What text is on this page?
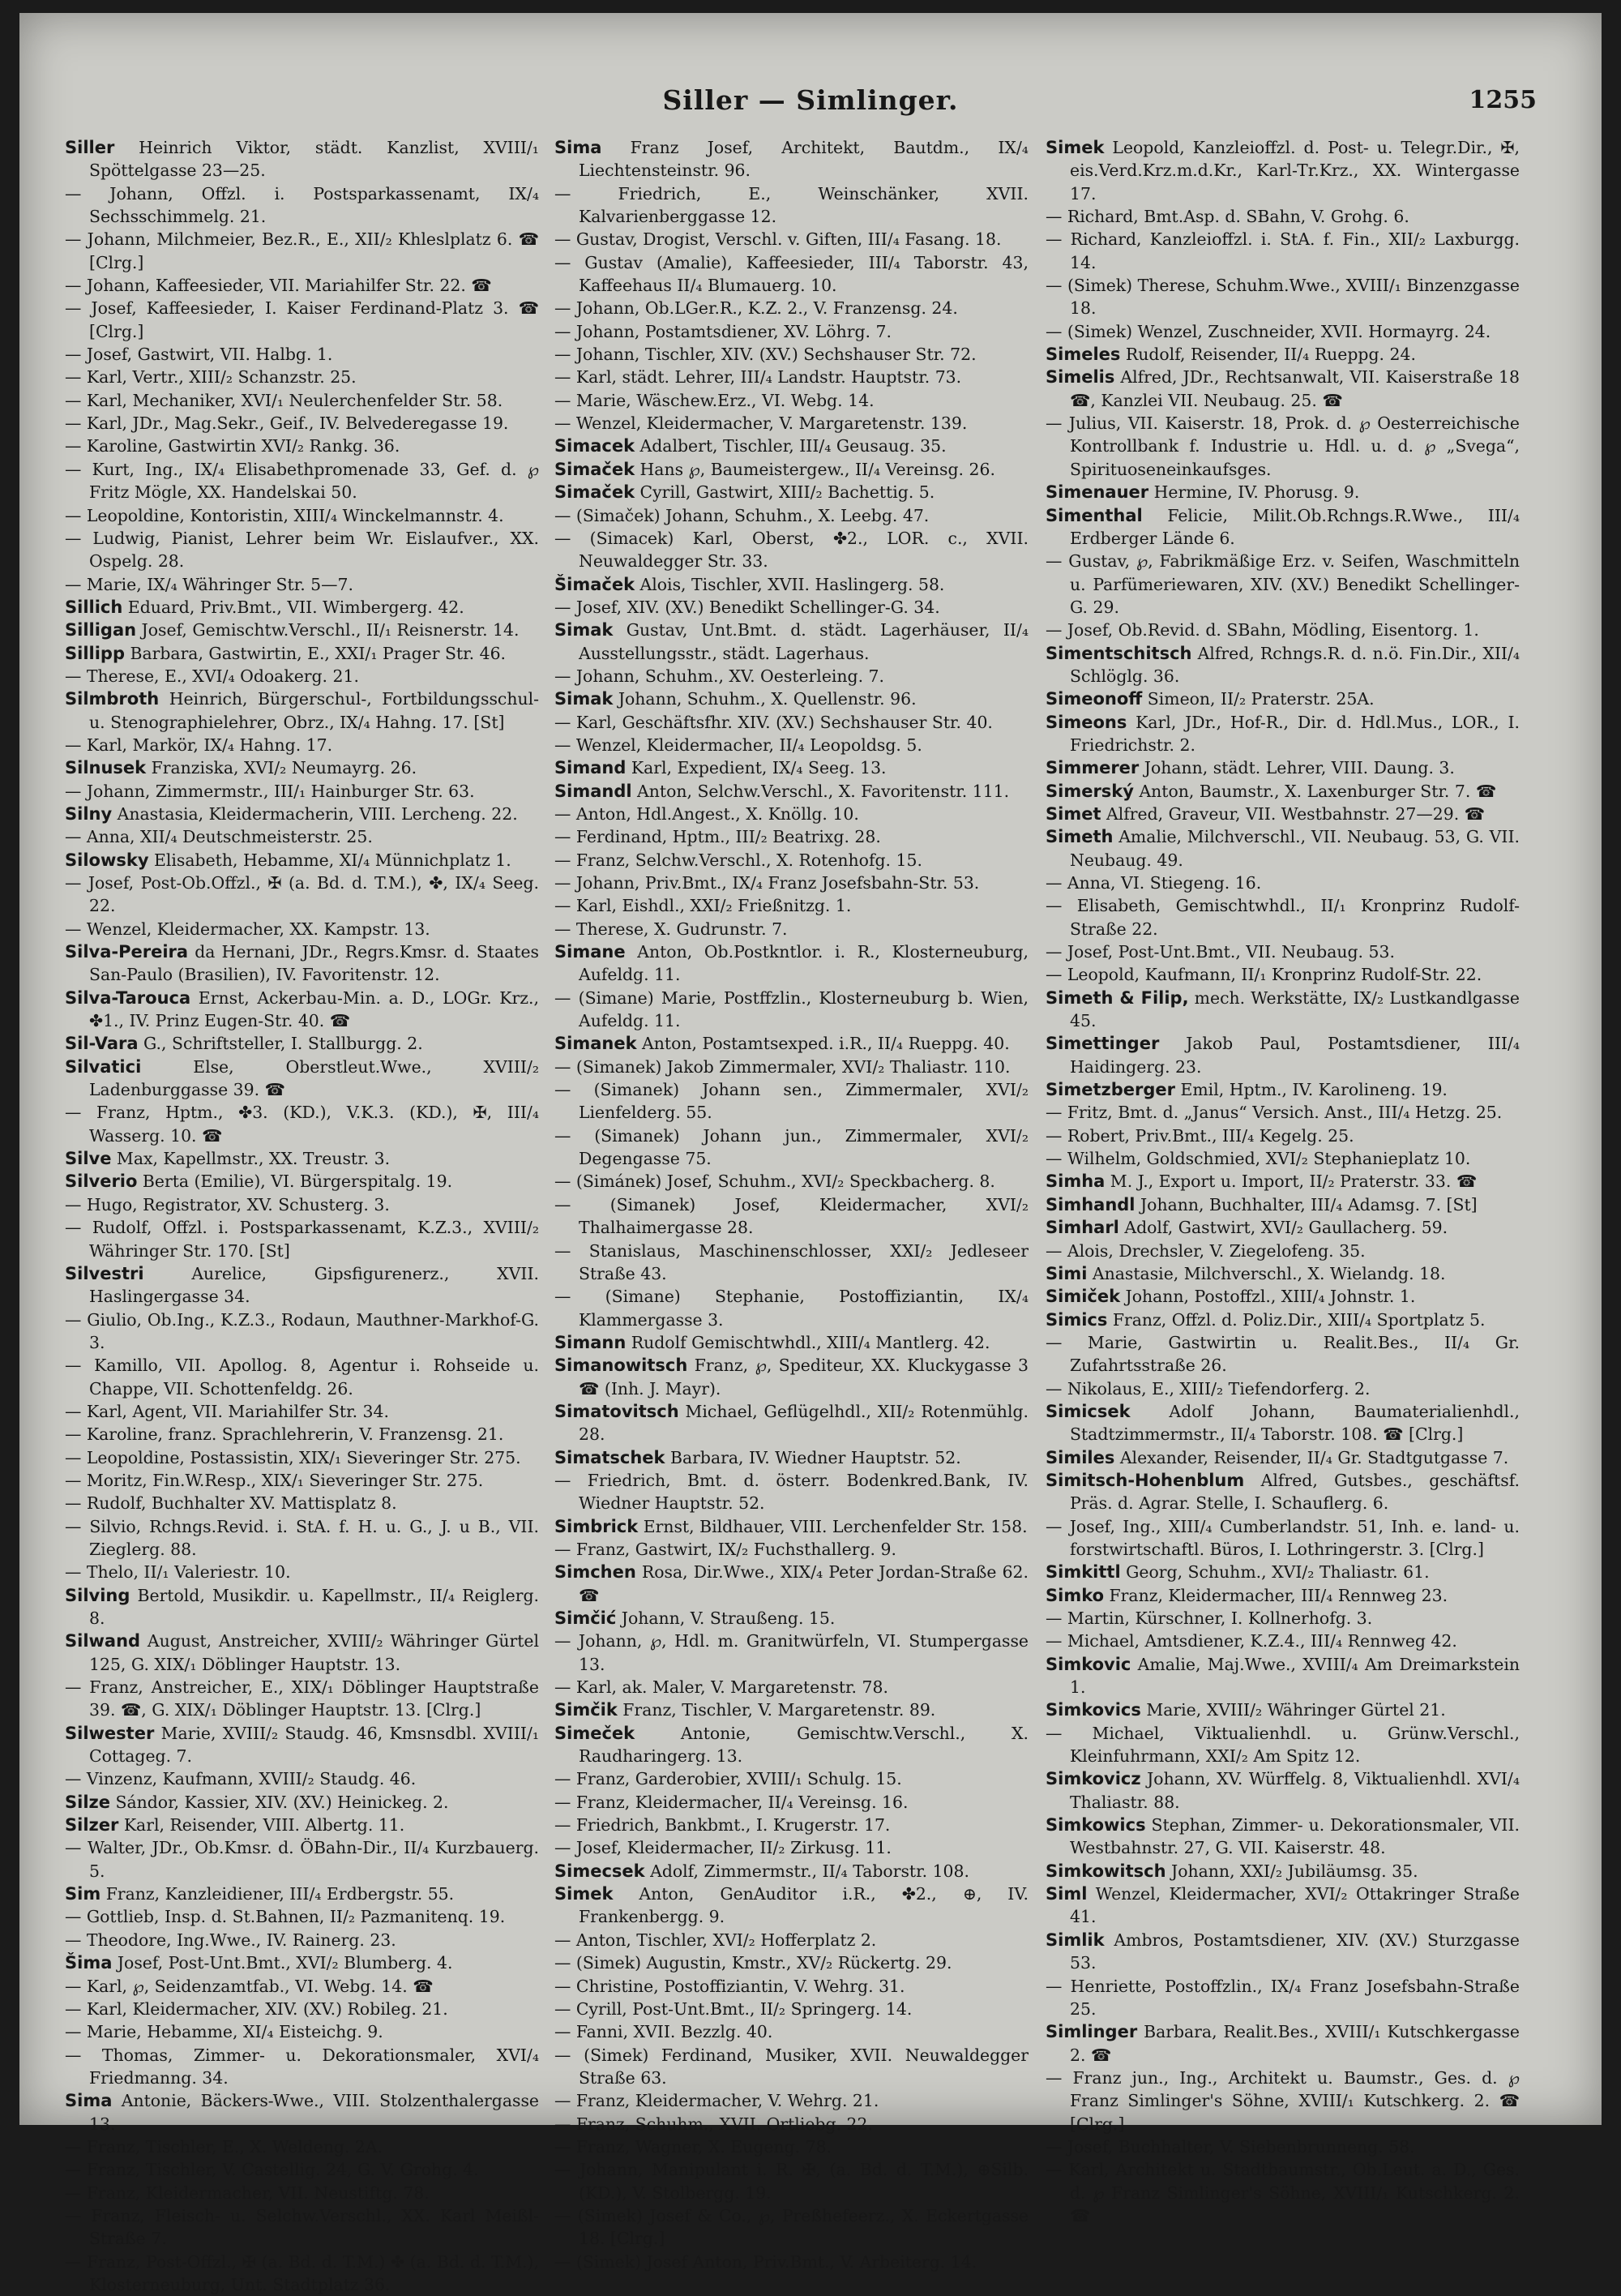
Siller — Simlinger.	1255
Siller Heinrich Viktor, städt. Kanzlist, XVIII/₁ Spöttelgasse 23—25.
— Johann, Offzl. i. Postsparkassenamt, IX/₄ Sechsschimmelg. 21.
— Johann, Milchmeier, Bez.R., E., XII/₂ Khleslplatz 6. ☎ [Clrg.]
— Johann, Kaffeesieder, VII. Mariahilfer Str. 22. ☎
— Josef, Kaffeesieder, I. Kaiser Ferdinand-Platz 3. ☎ [Clrg.]
— Josef, Gastwirt, VII. Halbg. 1.
— Karl, Vertr., XIII/₂ Schanzstr. 25.
— Karl, Mechaniker, XVI/₁ Neulerchenfelder Str. 58.
— Karl, JDr., Mag.Sekr., Geif., IV. Belvederegasse 19.
— Karoline, Gastwirtin XVI/₂ Rankg. 36.
— Kurt, Ing., IX/₄ Elisabethpromenade 33, Gef. d. ℘ Fritz Mögle, XX. Handelskai 50.
— Leopoldine, Kontoristin, XIII/₄ Winckelmannstr. 4.
— Ludwig, Pianist, Lehrer beim Wr. Eislaufver., XX. Ospelg. 28.
— Marie, IX/₄ Währinger Str. 5—7.
Sillich Eduard, Priv.Bmt., VII. Wimbergerg. 42.
Silligan Josef, Gemischtw.Verschl., II/₁ Reisnerstr. 14.
Sillipp Barbara, Gastwirtin, E., XXI/₁ Prager Str. 46.
— Therese, E., XVI/₄ Odoakerg. 21.
Silmbroth Heinrich, Bürgerschul-, Fortbildungsschul- u. Stenographielehrer, Obrz., IX/₄ Hahng. 17. [St]
— Karl, Markör, IX/₄ Hahng. 17.
Silnusek Franziska, XVI/₂ Neumayrg. 26.
— Johann, Zimmermstr., III/₁ Hainburger Str. 63.
Silny Anastasia, Kleidermacherin, VIII. Lercheng. 22.
— Anna, XII/₄ Deutschmeisterstr. 25.
Silowsky Elisabeth, Hebamme, XI/₄ Münnichplatz 1.
— Josef, Post-Ob.Offzl., ✠ (a. Bd. d. T.M.), ✤, IX/₄ Seeg. 22.
— Wenzel, Kleidermacher, XX. Kampstr. 13.
Silva-Pereira da Hernani, JDr., Regrs.Kmsr. d. Staates San-Paulo (Brasilien), IV. Favoritenstr. 12.
Silva-Tarouca Ernst, Ackerbau-Min. a. D., LOGr. Krz., ✤1., IV. Prinz Eugen-Str. 40. ☎
Sil-Vara G., Schriftsteller, I. Stallburgg. 2.
Silvatici Else, Oberstleut.Wwe., XVIII/₂ Ladenburggasse 39. ☎
— Franz, Hptm., ✤3. (KD.), V.K.3. (KD.), ✠, III/₄ Wasserg. 10. ☎
Silve Max, Kapellmstr., XX. Treustr. 3.
Silverio Berta (Emilie), VI. Bürgerspitalg. 19.
— Hugo, Registrator, XV. Schusterg. 3.
— Rudolf, Offzl. i. Postsparkassenamt, K.Z.3., XVIII/₂ Währinger Str. 170. [St]
Silvestri Aurelice, Gipsfigurenerz., XVII. Haslingergasse 34.
— Giulio, Ob.Ing., K.Z.3., Rodaun, Mauthner-Markhof-G. 3.
— Kamillo, VII. Apollog. 8, Agentur i. Rohseide u. Chappe, VII. Schottenfeldg. 26.
— Karl, Agent, VII. Mariahilfer Str. 34.
— Karoline, franz. Sprachlehrerin, V. Franzensg. 21.
— Leopoldine, Postassistin, XIX/₁ Sieveringer Str. 275.
— Moritz, Fin.W.Resp., XIX/₁ Sieveringer Str. 275.
— Rudolf, Buchhalter XV. Mattisplatz 8.
— Silvio, Rchngs.Revid. i. StA. f. H. u. G., J. u B., VII. Zieglerg. 88.
— Thelo, II/₁ Valeriestr. 10.
Silving Bertold, Musikdir. u. Kapellmstr., II/₄ Reiglerg. 8.
Silwand August, Anstreicher, XVIII/₂ Währinger Gürtel 125, G. XIX/₁ Döblinger Hauptstr. 13.
— Franz, Anstreicher, E., XIX/₁ Döblinger Hauptstraße 39. ☎, G. XIX/₁ Döblinger Hauptstr. 13. [Clrg.]
Silwester Marie, XVIII/₂ Staudg. 46, Kmsnsdbl. XVIII/₁ Cottageg. 7.
— Vinzenz, Kaufmann, XVIII/₂ Staudg. 46.
Silze Sándor, Kassier, XIV. (XV.) Heinickeg. 2.
Silzer Karl, Reisender, VIII. Albertg. 11.
— Walter, JDr., Ob.Kmsr. d. ÖBahn-Dir., II/₄ Kurzbauerg. 5.
Sim Franz, Kanzleidiener, III/₄ Erdbergstr. 55.
— Gottlieb, Insp. d. St.Bahnen, II/₂ Pazmanitenq. 19.
— Theodore, Ing.Wwe., IV. Rainerg. 23.
Šima Josef, Post-Unt.Bmt., XVI/₂ Blumberg. 4.
— Karl, ℘, Seidenzamtfab., VI. Webg. 14. ☎
— Karl, Kleidermacher, XIV. (XV.) Robileg. 21.
— Marie, Hebamme, XI/₄ Eisteichg. 9.
— Thomas, Zimmer- u. Dekorationsmaler, XVI/₄ Friedmanng. 34.
Sima Antonie, Bäckers-Wwe., VIII. Stolzenthalergasse 13.
— Franz, Tischler, E., X. Weldeng. 2A.
— Franz, Tischler, V. Castellig. 24, G. V. Grohg. 4.
— Franz, Kleidermacher, VII. Neustiftg. 78.
— Franz, Fleisch- u. Selchw.Verschl., XX. Karl Meißl-Straße 7.
— Franz, Post-Offzl., ✠ (a. Bd. d. T.M.) ✤ (a. Bd. d. T.M.), Klosterneuburg, Unt. Stadtplatz 36.
Sima Franz Josef, Architekt, Bautdm., IX/₄ Liechtensteinstr. 96.
— Friedrich, E., Weinschänker, XVII. Kalvarienberggasse 12.
— Gustav, Drogist, Verschl. v. Giften, III/₄ Fasang. 18.
— Gustav (Amalie), Kaffeesieder, III/₄ Taborstr. 43, Kaffeehaus II/₄ Blumauerg. 10.
— Johann, Ob.LGer.R., K.Z. 2., V. Franzensg. 24.
— Johann, Postamtsdiener, XV. Löhrg. 7.
— Johann, Tischler, XIV. (XV.) Sechshauser Str. 72.
— Karl, städt. Lehrer, III/₄ Landstr. Hauptstr. 73.
— Marie, Wäschew.Erz., VI. Webg. 14.
— Wenzel, Kleidermacher, V. Margaretenstr. 139.
Simacek Adalbert, Tischler, III/₄ Geusaug. 35.
Simaček Hans ℘, Baumeistergew., II/₄ Vereinsg. 26.
Simaček Cyrill, Gastwirt, XIII/₂ Bachettig. 5.
— (Simaček) Johann, Schuhm., X. Leebg. 47.
— (Simacek) Karl, Oberst, ✤2., LOR. c., XVII. Neuwaldegger Str. 33.
Šimaček Alois, Tischler, XVII. Haslingerg. 58.
— Josef, XIV. (XV.) Benedikt Schellinger-G. 34.
Simak Gustav, Unt.Bmt. d. städt. Lagerhäuser, II/₄ Ausstellungsstr., städt. Lagerhaus.
— Johann, Schuhm., XV. Oesterleing. 7.
Simak Johann, Schuhm., X. Quellenstr. 96.
— Karl, Geschäftsfhr. XIV. (XV.) Sechshauser Str. 40.
— Wenzel, Kleidermacher, II/₄ Leopoldsg. 5.
Simand Karl, Expedient, IX/₄ Seeg. 13.
Simandl Anton, Selchw.Verschl., X. Favoritenstr. 111.
— Anton, Hdl.Angest., X. Knöllg. 10.
— Ferdinand, Hptm., III/₂ Beatrixg. 28.
— Franz, Selchw.Verschl., X. Rotenhofg. 15.
— Johann, Priv.Bmt., IX/₄ Franz Josefsbahn-Str. 53.
— Karl, Eishdl., XXI/₂ Frießnitzg. 1.
— Therese, X. Gudrunstr. 7.
Simane Anton, Ob.Postkntlor. i. R., Klosterneuburg, Aufeldg. 11.
— (Simane) Marie, Postffzlin., Klosterneuburg b. Wien, Aufeldg. 11.
Simanek Anton, Postamtsexped. i.R., II/₄ Rueppg. 40.
— (Simanek) Jakob Zimmermaler, XVI/₂ Thaliastr. 110.
— (Simanek) Johann sen., Zimmermaler, XVI/₂ Lienfelderg. 55.
— (Simanek) Johann jun., Zimmermaler, XVI/₂ Degengasse 75.
— (Simánek) Josef, Schuhm., XVI/₂ Speckbacherg. 8.
— (Simanek) Josef, Kleidermacher, XVI/₂ Thalhaimergasse 28.
— Stanislaus, Maschinenschlosser, XXI/₂ Jedleseer Straße 43.
— (Simane) Stephanie, Postoffiziantin, IX/₄ Klammergasse 3.
Simann Rudolf Gemischtwhdl., XIII/₄ Mantlerg. 42.
Simanowitsch Franz, ℘, Spediteur, XX. Kluckygasse 3 ☎ (Inh. J. Mayr).
Simatovitsch Michael, Geflügelhdl., XII/₂ Rotenmühlg. 28.
Simatschek Barbara, IV. Wiedner Hauptstr. 52.
— Friedrich, Bmt. d. österr. Bodenkred.Bank, IV. Wiedner Hauptstr. 52.
Simbrick Ernst, Bildhauer, VIII. Lerchenfelder Str. 158.
— Franz, Gastwirt, IX/₂ Fuchsthallerg. 9.
Simchen Rosa, Dir.Wwe., XIX/₄ Peter Jordan-Straße 62. ☎
Simčić Johann, V. Straußeng. 15.
— Johann, ℘, Hdl. m. Granitwürfeln, VI. Stumpergasse 13.
— Karl, ak. Maler, V. Margaretenstr. 78.
Simčik Franz, Tischler, V. Margaretenstr. 89.
Simeček Antonie, Gemischtw.Verschl., X. Raudharingerg. 13.
— Franz, Garderobier, XVIII/₁ Schulg. 15.
— Franz, Kleidermacher, II/₄ Vereinsg. 16.
— Friedrich, Bankbmt., I. Krugerstr. 17.
— Josef, Kleidermacher, II/₂ Zirkusg. 11.
Simecsek Adolf, Zimmermstr., II/₄ Taborstr. 108.
Simek Anton, GenAuditor i.R., ✤2., ⊕, IV. Frankenbergg. 9.
— Anton, Tischler, XVI/₂ Hofferplatz 2.
— (Simek) Augustin, Kmstr., XV/₂ Rückertg. 29.
— Christine, Postoffiziantin, V. Wehrg. 31.
— Cyrill, Post-Unt.Bmt., II/₂ Springerg. 14.
— Fanni, XVII. Bezzlg. 40.
— (Simek) Ferdinand, Musiker, XVII. Neuwaldegger Straße 63.
— Franz, Kleidermacher, V. Wehrg. 21.
— Franz, Schuhm., XVII. Ortliebg. 22.
— Franz, Wagner, X. Eugeng. 78.
— Johann, Manipulant i. R. ✠, (a. Bd. d. T.M.), ⊕Silb. (KD.), V. Stolbergg. 19.
— (Simek) Josef & Co., ℘, Preßhefeerz., X. Eckertgasse 18. [Clrg.]
— (Simek) Josef Anton, Priv.Bmt., V. Arbeiterg. 14.
Simek Leopold, Kanzleioffzl. d. Post- u. Telegr.Dir., ✠, eis.Verd.Krz.m.d.Kr., Karl-Tr.Krz., XX. Wintergasse 17.
— Richard, Bmt.Asp. d. SBahn, V. Grohg. 6.
— Richard, Kanzleioffzl. i. StA. f. Fin., XII/₂ Laxburgg. 14.
— (Simek) Therese, Schuhm.Wwe., XVIII/₁ Binzenzgasse 18.
— (Simek) Wenzel, Zuschneider, XVII. Hormayrg. 24.
Simeles Rudolf, Reisender, II/₄ Rueppg. 24.
Simelis Alfred, JDr., Rechtsanwalt, VII. Kaiserstraße 18 ☎, Kanzlei VII. Neubaug. 25. ☎
— Julius, VII. Kaiserstr. 18, Prok. d. ℘ Oesterreichische Kontrollbank f. Industrie u. Hdl. u. d. ℘ „Svega“, Spirituoseneinkaufsges.
Simenauer Hermine, IV. Phorusg. 9.
Simenthal Felicie, Milit.Ob.Rchngs.R.Wwe., III/₄ Erdberger Lände 6.
— Gustav, ℘, Fabrikmäßige Erz. v. Seifen, Waschmitteln u. Parfümeriewaren, XIV. (XV.) Benedikt Schellinger-G. 29.
— Josef, Ob.Revid. d. SBahn, Mödling, Eisentorg. 1.
Simentschitsch Alfred, Rchngs.R. d. n.ö. Fin.Dir., XII/₄ Schlöglg. 36.
Simeonoff Simeon, II/₂ Praterstr. 25A.
Simeons Karl, JDr., Hof-R., Dir. d. Hdl.Mus., LOR., I. Friedrichstr. 2.
Simmerer Johann, städt. Lehrer, VIII. Daung. 3.
Simerský Anton, Baumstr., X. Laxenburger Str. 7. ☎
Simet Alfred, Graveur, VII. Westbahnstr. 27—29. ☎
Simeth Amalie, Milchverschl., VII. Neubaug. 53, G. VII. Neubaug. 49.
— Anna, VI. Stiegeng. 16.
— Elisabeth, Gemischtwhdl., II/₁ Kronprinz Rudolf-Straße 22.
— Josef, Post-Unt.Bmt., VII. Neubaug. 53.
— Leopold, Kaufmann, II/₁ Kronprinz Rudolf-Str. 22.
Simeth & Filip, mech. Werkstätte, IX/₂ Lustkandlgasse 45.
Simettinger Jakob Paul, Postamtsdiener, III/₄ Haidingerg. 23.
Simetzberger Emil, Hptm., IV. Karolineng. 19.
— Fritz, Bmt. d. „Janus“ Versich. Anst., III/₄ Hetzg. 25.
— Robert, Priv.Bmt., III/₄ Kegelg. 25.
— Wilhelm, Goldschmied, XVI/₂ Stephanieplatz 10.
Simha M. J., Export u. Import, II/₂ Praterstr. 33. ☎
Simhandl Johann, Buchhalter, III/₄ Adamsg. 7. [St]
Simharl Adolf, Gastwirt, XVI/₂ Gaullacherg. 59.
— Alois, Drechsler, V. Ziegelofeng. 35.
Simi Anastasie, Milchverschl., X. Wielandg. 18.
Simiček Johann, Postoffzl., XIII/₄ Johnstr. 1.
Simics Franz, Offzl. d. Poliz.Dir., XIII/₄ Sportplatz 5.
— Marie, Gastwirtin u. Realit.Bes., II/₄ Gr. Zufahrtsstraße 26.
— Nikolaus, E., XIII/₂ Tiefendorferg. 2.
Simicsek Adolf Johann, Baumaterialienhdl., Stadtzimmermstr., II/₄ Taborstr. 108. ☎ [Clrg.]
Similes Alexander, Reisender, II/₄ Gr. Stadtgutgasse 7.
Simitsch-Hohenblum Alfred, Gutsbes., geschäftsf. Präs. d. Agrar. Stelle, I. Schauflerg. 6.
— Josef, Ing., XIII/₄ Cumberlandstr. 51, Inh. e. land- u. forstwirtschaftl. Büros, I. Lothringerstr. 3. [Clrg.]
Simkittl Georg, Schuhm., XVI/₂ Thaliastr. 61.
Simko Franz, Kleidermacher, III/₄ Rennweg 23.
— Martin, Kürschner, I. Kollnerhofg. 3.
— Michael, Amtsdiener, K.Z.4., III/₄ Rennweg 42.
Simkovic Amalie, Maj.Wwe., XVIII/₄ Am Dreimarkstein 1.
Simkovics Marie, XVIII/₂ Währinger Gürtel 21.
— Michael, Viktualienhdl. u. Grünw.Verschl., Kleinfuhrmann, XXI/₂ Am Spitz 12.
Simkovicz Johann, XV. Würffelg. 8, Viktualienhdl. XVI/₄ Thaliastr. 88.
Simkowics Stephan, Zimmer- u. Dekorationsmaler, VII. Westbahnstr. 27, G. VII. Kaiserstr. 48.
Simkowitsch Johann, XXI/₂ Jubiläumsg. 35.
Siml Wenzel, Kleidermacher, XVI/₂ Ottakringer Straße 41.
Simlik Ambros, Postamtsdiener, XIV. (XV.) Sturzgasse 53.
— Henriette, Postoffzlin., IX/₄ Franz Josefsbahn-Straße 25.
Simlinger Barbara, Realit.Bes., XVIII/₁ Kutschkergasse 2. ☎
— Franz jun., Ing., Architekt u. Baumstr., Ges. d. ℘ Franz Simlinger's Söhne, XVIII/₁ Kutschkerg. 2. ☎ [Clrg.]
— Josef, Buchhalter, V. Siebenbrunneng. 58.
— Karl, Architekt u. Stadtbaumstr., Ob.Leut. a. D., Ges. d. ℘ Franz Simlinger's Söhne, XVIII/₁ Kutschkerg. 2. ☎
